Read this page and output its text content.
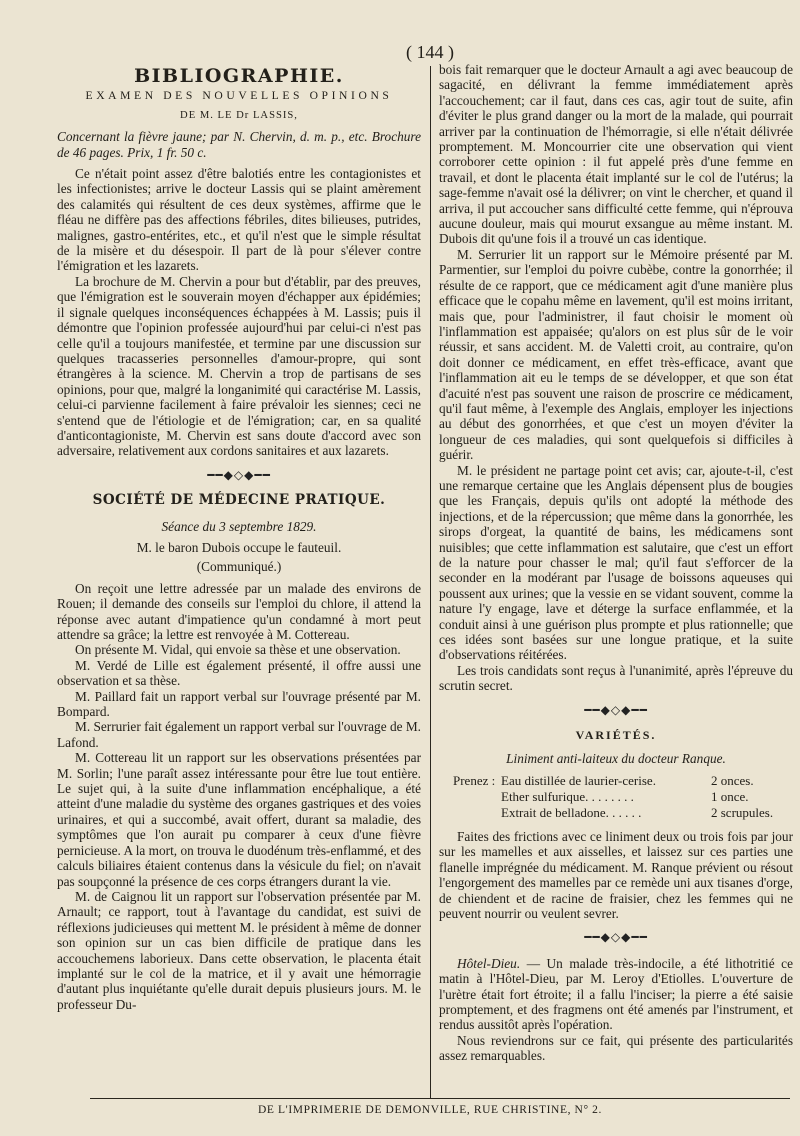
( 144 )
BIBLIOGRAPHIE.
EXAMEN DES NOUVELLES OPINIONS
DE M. LE Dr LASSIS,

Concernant la fièvre jaune; par N. Chervin, d. m. p., etc. Brochure de 46 pages. Prix, 1 fr. 50 c.

Ce n'était point assez d'être balotiés entre les contagionistes et les infectionistes; arrive le docteur Lassis qui se plaint amèrement des calamités qui résultent de ces deux systèmes, affirme que le fléau ne diffère pas des affections fébriles, dites bilieuses, putrides, malignes, gastro-entérites, etc., et qu'il n'est que le simple résultat de la misère et du désespoir. Il part de là pour s'élever contre l'émigration et les lazarets.

La brochure de M. Chervin a pour but d'établir, par des preuves, que l'émigration est le souverain moyen d'échapper aux épidémies; il signale quelques inconséquences échappées à M. Lassis; puis il démontre que l'opinion professée aujourd'hui par celui-ci n'est pas celle qu'il a toujours manifestée, et termine par une discussion sur quelques tracasseries personnelles d'amour-propre, qui sont étrangères à la science. M. Chervin a trop de partisans de ses opinions, pour que, malgré la longanimité qui caractérise M. Lassis, celui-ci parvienne facilement à faire prévaloir les siennes; ceci ne s'entend que de l'étiologie et de l'émigration; car, en sa qualité d'anticontagioniste, M. Chervin est sans doute d'accord avec son adversaire, relativement aux cordons sanitaires et aux lazarets.

━━◆◇◆━━
SOCIÉTÉ DE MÉDECINE PRATIQUE.
Séance du 3 septembre 1829.
M. le baron Dubois occupe le fauteuil.
(Communiqué.)

On reçoit une lettre adressée par un malade des environs de Rouen; il demande des conseils sur l'emploi du chlore, il attend la réponse avec autant d'impatience qu'un condamné à mort peut attendre sa grâce; la lettre est renvoyée à M. Cottereau.

On présente M. Vidal, qui envoie sa thèse et une observation.

M. Verdé de Lille est également présenté, il offre aussi une observation et sa thèse.

M. Paillard fait un rapport verbal sur l'ouvrage présenté par M. Bompard.

M. Serrurier fait également un rapport verbal sur l'ouvrage de M. Lafond.

M. Cottereau lit un rapport sur les observations présentées par M. Sorlin; l'une paraît assez intéressante pour être lue tout entière. Le sujet qui, à la suite d'une inflammation encéphalique, a été atteint d'une maladie du système des organes gastriques et des voies urinaires, et qui a succombé, avait offert, durant sa maladie, des symptômes que l'on aurait pu comparer à ceux d'une fièvre pernicieuse. A la mort, on trouva le duodénum très-enflammé, et des calculs biliaires étaient contenus dans la vésicule du fiel; on n'avait pas soupçonné la présence de ces corps étrangers durant la vie.

M. de Caignou lit un rapport sur l'observation présentée par M. Arnault; ce rapport, tout à l'avantage du candidat, est suivi de réflexions judicieuses qui mettent M. le président à même de donner son opinion sur un cas bien difficile de pratique dans les accouchemens laborieux. Dans cette observation, le placenta était implanté sur le col de la matrice, et il y avait une hémorragie d'autant plus inquiétante qu'elle durait depuis plusieurs jours. M. le professeur Du-

bois fait remarquer que le docteur Arnault a agi avec beaucoup de sagacité, en délivrant la femme immédiatement après l'accouchement; car il faut, dans ces cas, agir tout de suite, afin d'éviter le plus grand danger ou la mort de la malade, qui pourrait arriver par la continuation de l'hémorragie, si elle n'était délivrée promptement. M. Moncourrier cite une observation qui vient corroborer cette opinion : il fut appelé près d'une femme en travail, et dont le placenta était implanté sur le col de l'utérus; la sage-femme n'avait osé la délivrer; on vint le chercher, et quand il arriva, il put accoucher sans difficulté cette femme, qui n'éprouva aucune douleur, mais qui mourut exsangue au même instant. M. Dubois dit qu'une fois il a trouvé un cas identique.

M. Serrurier lit un rapport sur le Mémoire présenté par M. Parmentier, sur l'emploi du poivre cubèbe, contre la gonorrhée; il résulte de ce rapport, que ce médicament agit d'une manière plus efficace que le copahu même en lavement, qu'il est moins irritant, mais que, pour l'administrer, il faut choisir le moment où l'inflammation est appaisée; qu'alors on est plus sûr de le voir réussir, et sans accident. M. de Valetti croit, au contraire, qu'on doit donner ce médicament, en effet très-efficace, avant que l'inflammation ait eu le temps de se développer, et que son état d'acuité n'est pas souvent une raison de proscrire ce médicament, qu'il faut même, à l'exemple des Anglais, employer les injections au début des gonorrhées, et que c'est un moyen d'éviter la longueur de ces maladies, qui sont quelquefois si difficiles à guérir.

M. le président ne partage point cet avis; car, ajoute-t-il, c'est une remarque certaine que les Anglais dépensent plus de bougies que les Français, depuis qu'ils ont adopté la méthode des injections, et de la répercussion; que même dans la gonorrhée, les sirops d'orgeat, la quantité de bains, les médicamens sont nuisibles; que cette inflammation est salutaire, que c'est un effort de la nature pour chasser le mal; qu'il faut s'efforcer de la seconder en la modérant par l'usage de boissons aqueuses qui poussent aux urines; que la vessie en se vidant souvent, comme la nature l'y engage, lave et déterge la surface enflammée, et la conduit ainsi à une guérison plus prompte et plus rationnelle; que ces idées sont basées sur une longue pratique, et la suite d'observations réitérées.

Les trois candidats sont reçus à l'unanimité, après l'épreuve du scrutin secret.

━━◆◇◆━━
VARIÉTÉS.
Liniment anti-laiteux du docteur Ranque.
Prenez : Eau distillée de laurier-cerise.	2 onces.
Ether sulfurique. . . . . . . .	1 once.
Extrait de belladone. . . . . .	2 scrupules.

Faites des frictions avec ce liniment deux ou trois fois par jour sur les mamelles et aux aisselles, et laissez sur ces parties une flanelle imprégnée du médicament. M. Ranque prévient ou résout l'engorgement des mamelles par ce remède uni aux tisanes d'orge, de chiendent et de racine de fraisier, chez les femmes qui ne peuvent nourrir ou veulent sevrer.

━━◆◇◆━━

Hôtel-Dieu. — Un malade très-indocile, a été lithotritié ce matin à l'Hôtel-Dieu, par M. Leroy d'Etiolles. L'ouverture de l'urètre était fort étroite; il a fallu l'inciser; la pierre a été saisie promptement, et des fragmens ont été amenés par l'instrument, et rendus aussitôt après l'opération.

Nous reviendrons sur ce fait, qui présente des particularités assez remarquables.

DE L'IMPRIMERIE DE DEMONVILLE, RUE CHRISTINE, N° 2.
